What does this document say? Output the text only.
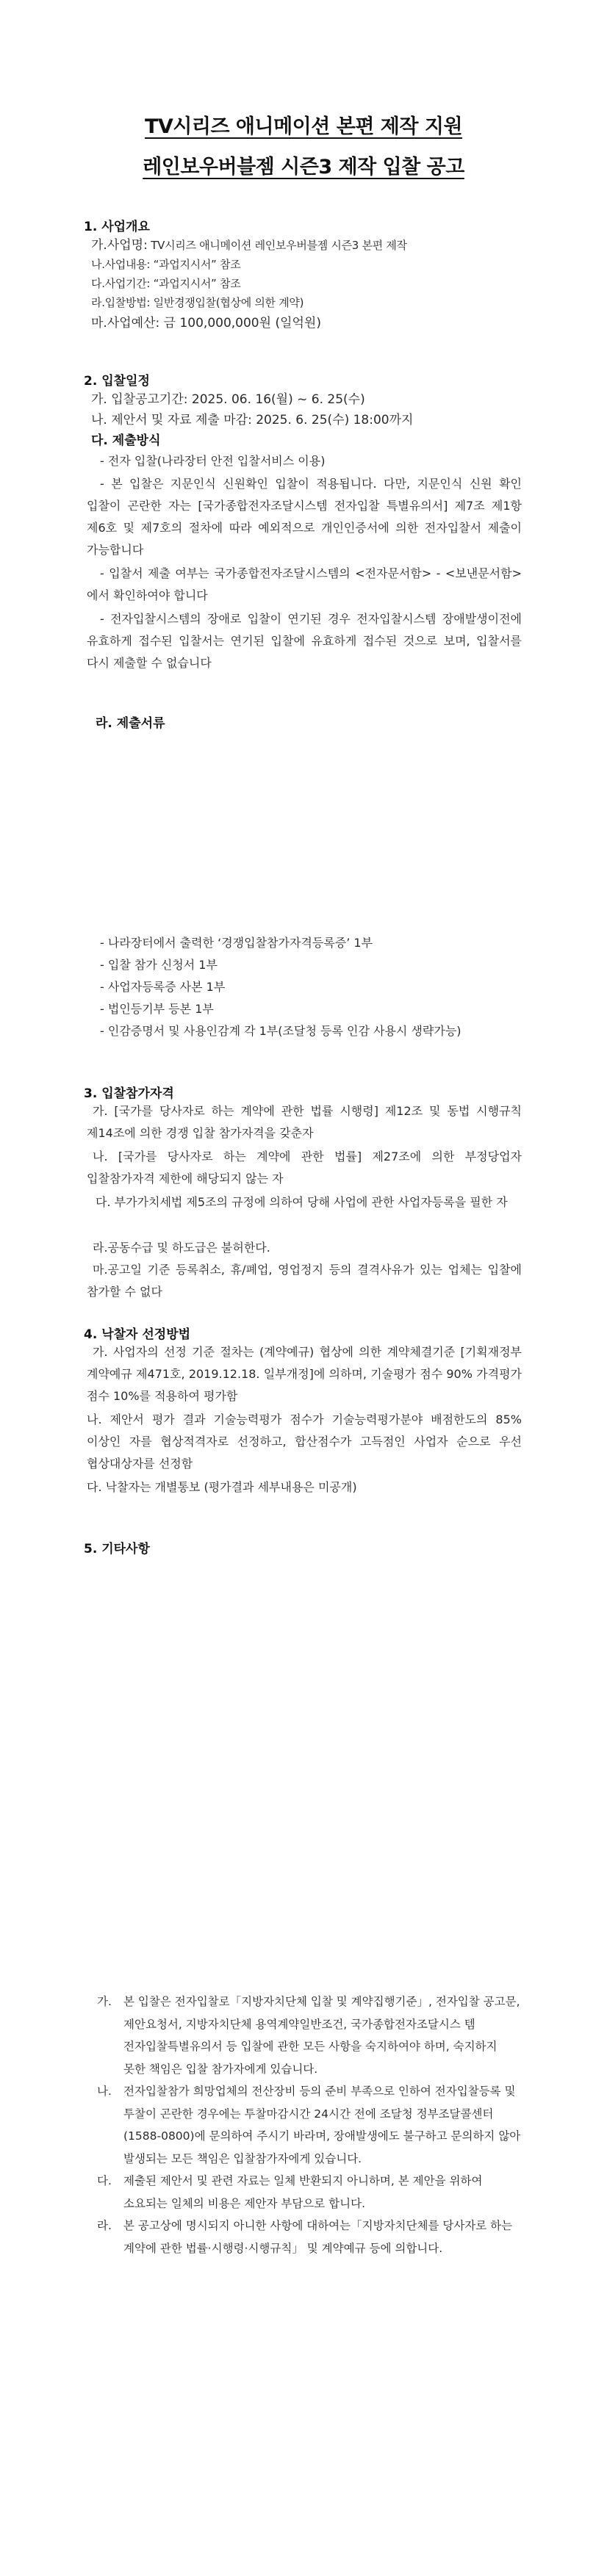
TV시리즈 애니메이션 본편 제작 지원
레인보우버블젬 시즌3 제작 입찰 공고
1. 사업개요
가.사업명: TV시리즈 애니메이션 레인보우버블젬 시즌3 본편 제작
나.사업내용: “과업지시서” 참조
다.사업기간: “과업지시서” 참조
라.입찰방법: 일반경쟁입찰(협상에 의한 계약)
마.사업예산: 금 100,000,000원 (일억원)
2. 입찰일정
가. 입찰공고기간: 2025. 06. 16(월) ~ 6. 25(수)
나. 제안서 및 자료 제출 마감: 2025. 6. 25(수) 18:00까지
다. 제출방식
- 전자 입찰(나라장터 안전 입찰서비스 이용)
- 본 입찰은 지문인식 신원확인 입찰이 적용됩니다. 다만, 지문인식 신원 확인 입찰이 곤란한 자는 [국가종합전자조달시스템 전자입찰 특별유의서] 제7조 제1항 제6호 및 제7호의 절차에 따라 예외적으로 개인인증서에 의한 전자입찰서 제출이 가능합니다
- 입찰서 제출 여부는 국가종합전자조달시스템의 <전자문서함> - <보낸문서함>에서 확인하여야 합니다
- 전자입찰시스템의 장애로 입찰이 연기된 경우 전자입찰시스템 장애발생이전에 유효하게 접수된 입찰서는 연기된 입찰에 유효하게 접수된 것으로 보며, 입찰서를 다시 제출할 수 없습니다
라. 제출서류
- 나라장터에서 출력한 ‘경쟁입찰참가자격등록증’ 1부
- 입찰 참가 신청서 1부
- 사업자등록증 사본 1부
- 법인등기부 등본 1부
- 인감증명서 및 사용인감계 각 1부(조달청 등록 인감 사용시 생략가능)
3. 입찰참가자격
가. [국가를 당사자로 하는 계약에 관한 법률 시행령] 제12조 및 동법 시행규칙 제14조에 의한 경쟁 입찰 참가자격을 갖춘자
나. [국가를 당사자로 하는 계약에 관한 법률] 제27조에 의한 부정당업자 입찰참가자격 제한에 해당되지 않는 자
다. 부가가치세법 제5조의 규정에 의하여 당해 사업에 관한 사업자등록을 필한 자
라.공동수급 및 하도급은 불허한다.
마.공고일 기준 등록취소, 휴/폐업, 영업정지 등의 결격사유가 있는 업체는 입찰에 참가할 수 없다
4. 낙찰자 선정방법
가. 사업자의 선정 기준 절차는 (계약예규) 협상에 의한 계약체결기준 [기획재정부 계약예규 제471호, 2019.12.18. 일부개정]에 의하며, 기술평가 점수 90% 가격평가 점수 10%를 적용하여 평가함
나. 제안서 평가 결과 기술능력평가 점수가 기술능력평가분야 배점한도의 85% 이상인 자를 협상적격자로 선정하고, 합산점수가 고득점인 사업자 순으로 우선 협상대상자를 선정함
다. 낙찰자는 개별통보 (평가결과 세부내용은 미공개)
5. 기타사항
가. 본 입찰은 전자입찰로「지방자치단체 입찰 및 계약집행기준」, 전자입찰 공고문, 제안요청서, 지방자치단체 용역계약일반조건, 국가종합전자조달시스 템 전자입찰특별유의서 등 입찰에 관한 모든 사항을 숙지하여야 하며, 숙지하지 못한 책임은 입찰 참가자에게 있습니다.
나. 전자입찰참가 희망업체의 전산장비 등의 준비 부족으로 인하여 전자입찰등록 및 투찰이 곤란한 경우에는 투찰마감시간 24시간 전에 조달청 정부조달콜센터(1588-0800)에 문의하여 주시기 바라며, 장애발생에도 불구하고 문의하지 않아 발생되는 모든 책임은 입찰참가자에게 있습니다.
다. 제출된 제안서 및 관련 자료는 일체 반환되지 아니하며, 본 제안을 위하여 소요되는 일체의 비용은 제안자 부담으로 합니다.
라. 본 공고상에 명시되지 아니한 사항에 대하여는「지방자치단체를 당사자로 하는 계약에 관한 법률·시행령·시행규칙」 및 계약예규 등에 의합니다.
